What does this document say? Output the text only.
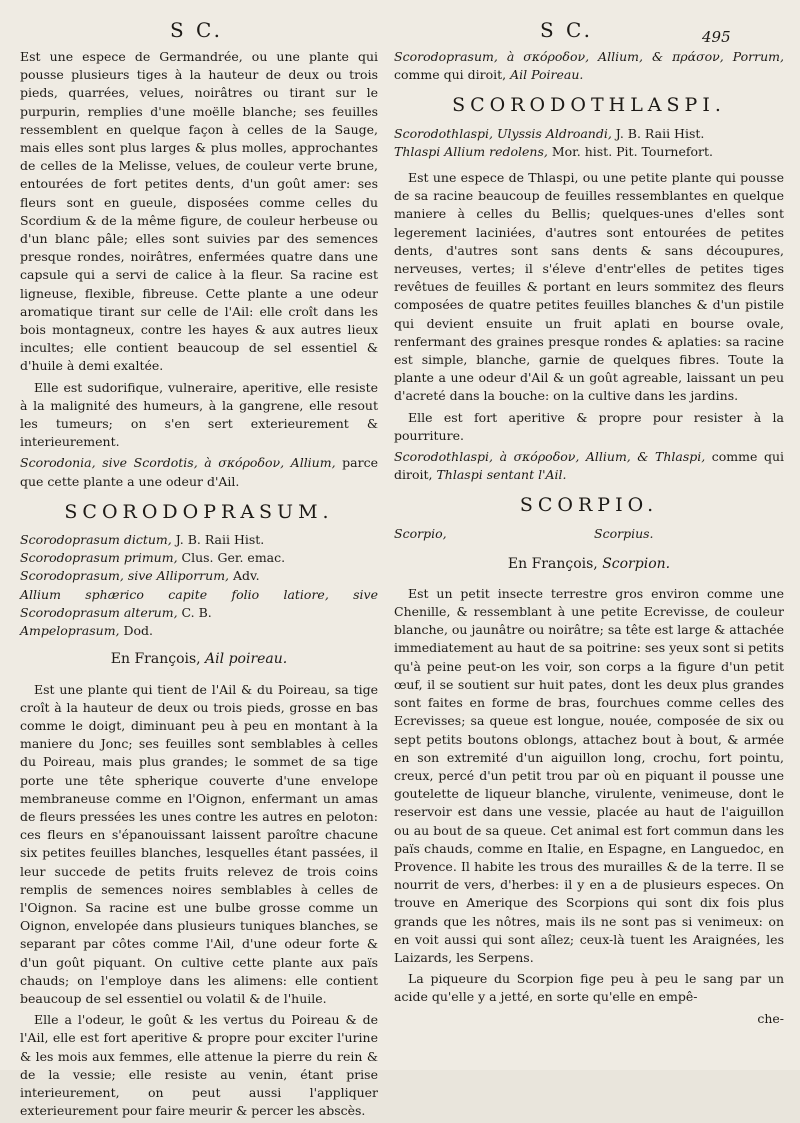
S C.	S C.	495

Est une espece de Germandrée, ou une plante qui pousse plusieurs tiges à la hauteur de deux ou trois pieds, quarrées, velues, noirâtres ou tirant sur le purpurin, remplies d'une moëlle blanche; ses feuilles ressemblent en quelque façon à celles de la Sauge, mais elles sont plus larges & plus molles, approchantes de celles de la Melisse, velues, de couleur verte brune, entourées de fort petites dents, d'un goût amer: ses fleurs sont en gueule, disposées comme celles du Scordium & de la même figure, de couleur herbeuse ou d'un blanc pâle; elles sont suivies par des semences presque rondes, noirâtres, enfermées quatre dans une capsule qui a servi de calice à la fleur. Sa racine est ligneuse, flexible, fibreuse. Cette plante a une odeur aromatique tirant sur celle de l'Ail: elle croît dans les bois montagneux, contre les hayes & aux autres lieux incultes; elle contient beaucoup de sel essentiel & d'huile à demi exaltée.

Elle est sudorifique, vulneraire, aperitive, elle resiste à la malignité des humeurs, à la gangrene, elle resout les tumeurs; on s'en sert exterieurement & interieurement.

Scorodonia, sive Scordotis, à σκόροδον, Allium, parce que cette plante a une odeur d'Ail.

SCORODOPRASUM.

Scorodoprasum dictum, J. B. Raii Hist.

Scorodoprasum primum, Clus. Ger. emac.

Scorodoprasum, sive Alliporrum, Adv.

Allium sphærico capite folio latiore, sive Scorodoprasum alterum, C. B.

Ampeloprasum, Dod.

En François, Ail poireau.

Est une plante qui tient de l'Ail & du Poireau, sa tige croît à la hauteur de deux ou trois pieds, grosse en bas comme le doigt, diminuant peu à peu en montant à la maniere du Jonc; ses feuilles sont semblables à celles du Poireau, mais plus grandes; le sommet de sa tige porte une tête spherique couverte d'une envelope membraneuse comme en l'Oignon, enfermant un amas de fleurs pressées les unes contre les autres en peloton: ces fleurs en s'épanouissant laissent paroître chacune six petites feuilles blanches, lesquelles étant passées, il leur succede de petits fruits relevez de trois coins remplis de semences noires semblables à celles de l'Oignon. Sa racine est une bulbe grosse comme un Oignon, envelopée dans plusieurs tuniques blanches, se separant par côtes comme l'Ail, d'une odeur forte & d'un goût piquant. On cultive cette plante aux païs chauds; on l'employe dans les alimens: elle contient beaucoup de sel essentiel ou volatil & de l'huile.

Elle a l'odeur, le goût & les vertus du Poireau & de l'Ail, elle est fort aperitive & propre pour exciter l'urine & les mois aux femmes, elle attenue la pierre du rein & de la vessie; elle resiste au venin, étant prise interieurement, on peut aussi l'appliquer exterieurement pour faire meurir & percer les abscès.

Scorodoprasum, à σκόροδον, Allium, & πράσον, Porrum, comme qui diroit, Ail Poireau.

SCORODOTHLASPI.

Scorodothlaspi, Ulyssis Aldroandi, J. B. Raii Hist.

Thlaspi Allium redolens, Mor. hist. Pit. Tournefort.

Est une espece de Thlaspi, ou une petite plante qui pousse de sa racine beaucoup de feuilles ressemblantes en quelque maniere à celles du Bellis; quelques-unes d'elles sont legerement laciniées, d'autres sont entourées de petites dents, d'autres sont sans dents & sans découpures, nerveuses, vertes; il s'éleve d'entr'elles de petites tiges revêtues de feuilles & portant en leurs sommitez des fleurs composées de quatre petites feuilles blanches & d'un pistile qui devient ensuite un fruit aplati en bourse ovale, renfermant des graines presque rondes & aplaties: sa racine est simple, blanche, garnie de quelques fibres. Toute la plante a une odeur d'Ail & un goût agreable, laissant un peu d'acreté dans la bouche: on la cultive dans les jardins.

Elle est fort aperitive & propre pour resister à la pourriture.

Scorodothlaspi, à σκόροδον, Allium, & Thlaspi, comme qui diroit, Thlaspi sentant l'Ail.

SCORPIO.
Scorpio,	Scorpius.
En François, Scorpion.

Est un petit insecte terrestre gros environ comme une Chenille, & ressemblant à une petite Ecrevisse, de couleur blanche, ou jaunâtre ou noirâtre; sa tête est large & attachée immediatement au haut de sa poitrine: ses yeux sont si petits qu'à peine peut-on les voir, son corps a la figure d'un petit œuf, il se soutient sur huit pates, dont les deux plus grandes sont faites en forme de bras, fourchues comme celles des Ecrevisses; sa queue est longue, nouée, composée de six ou sept petits boutons oblongs, attachez bout à bout, & armée en son extremité d'un aiguillon long, crochu, fort pointu, creux, percé d'un petit trou par où en piquant il pousse une goutelette de liqueur blanche, virulente, venimeuse, dont le reservoir est dans une vessie, placée au haut de l'aiguillon ou au bout de sa queue. Cet animal est fort commun dans les païs chauds, comme en Italie, en Espagne, en Languedoc, en Provence. Il habite les trous des murailles & de la terre. Il se nourrit de vers, d'herbes: il y en a de plusieurs especes. On trouve en Amerique des Scorpions qui sont dix fois plus grands que les nôtres, mais ils ne sont pas si venimeux: on en voit aussi qui sont aîlez; ceux-là tuent les Araignées, les Laizards, les Serpens.

La piqueure du Scorpion fige peu à peu le sang par un acide qu'elle y a jetté, en sorte qu'elle en empê-

che-
